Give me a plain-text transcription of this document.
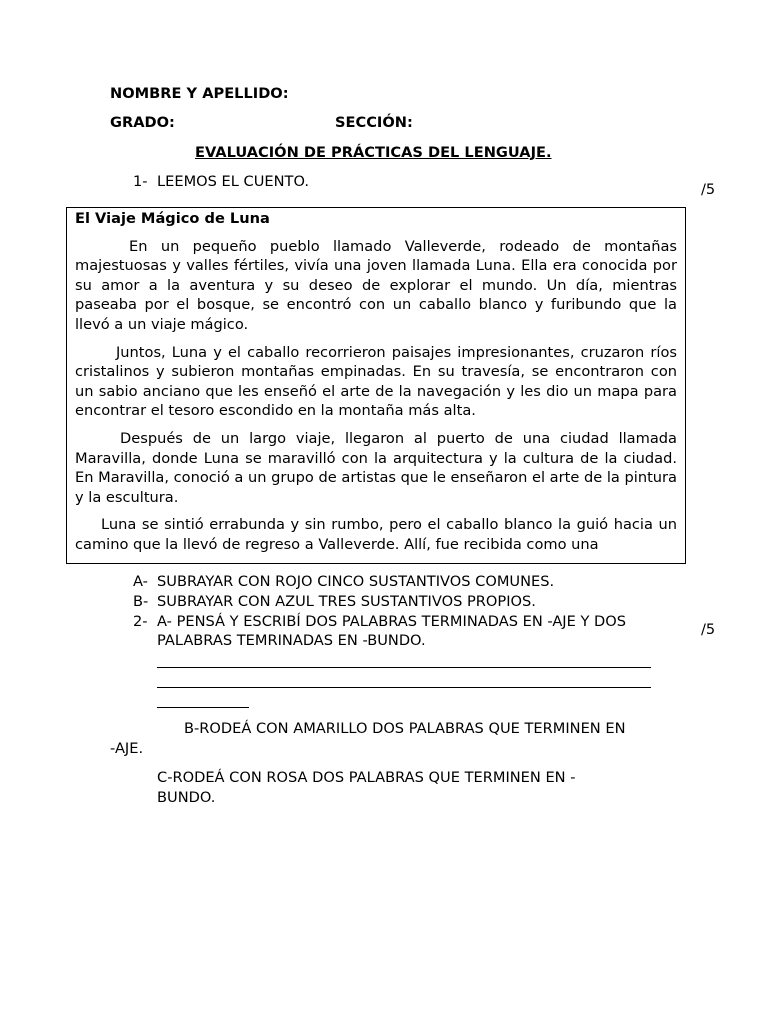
NOMBRE Y APELLIDO:
GRADO:	SECCIÓN:
EVALUACIÓN DE PRÁCTICAS DEL LENGUAJE.
1- LEEMOS EL CUENTO.	/5
El Viaje Mágico de Luna

En un pequeño pueblo llamado Valleverde, rodeado de montañas majestuosas y valles fértiles, vivía una joven llamada Luna. Ella era conocida por su amor a la aventura y su deseo de explorar el mundo. Un día, mientras paseaba por el bosque, se encontró con un caballo blanco y furibundo que la llevó a un viaje mágico.

Juntos, Luna y el caballo recorrieron paisajes impresionantes, cruzaron ríos cristalinos y subieron montañas empinadas. En su travesía, se encontraron con un sabio anciano que les enseñó el arte de la navegación y les dio un mapa para encontrar el tesoro escondido en la montaña más alta.

Después de un largo viaje, llegaron al puerto de una ciudad llamada Maravilla, donde Luna se maravilló con la arquitectura y la cultura de la ciudad. En Maravilla, conoció a un grupo de artistas que le enseñaron el arte de la pintura y la escultura.

Luna se sintió errabunda y sin rumbo, pero el caballo blanco la guió hacia un camino que la llevó de regreso a Valleverde. Allí, fue recibida como una

A- SUBRAYAR CON ROJO CINCO SUSTANTIVOS COMUNES.
B- SUBRAYAR CON AZUL TRES SUSTANTIVOS PROPIOS.
2- A- PENSÁ Y ESCRIBÍ DOS PALABRAS TERMINADAS EN -AJE Y DOS
PALABRAS TEMRINADAS EN -BUNDO.
/5
B-RODEÁ CON AMARILLO DOS PALABRAS QUE TERMINEN EN
-AJE.
C-RODEÁ CON ROSA DOS PALABRAS QUE TERMINEN EN -
BUNDO.
